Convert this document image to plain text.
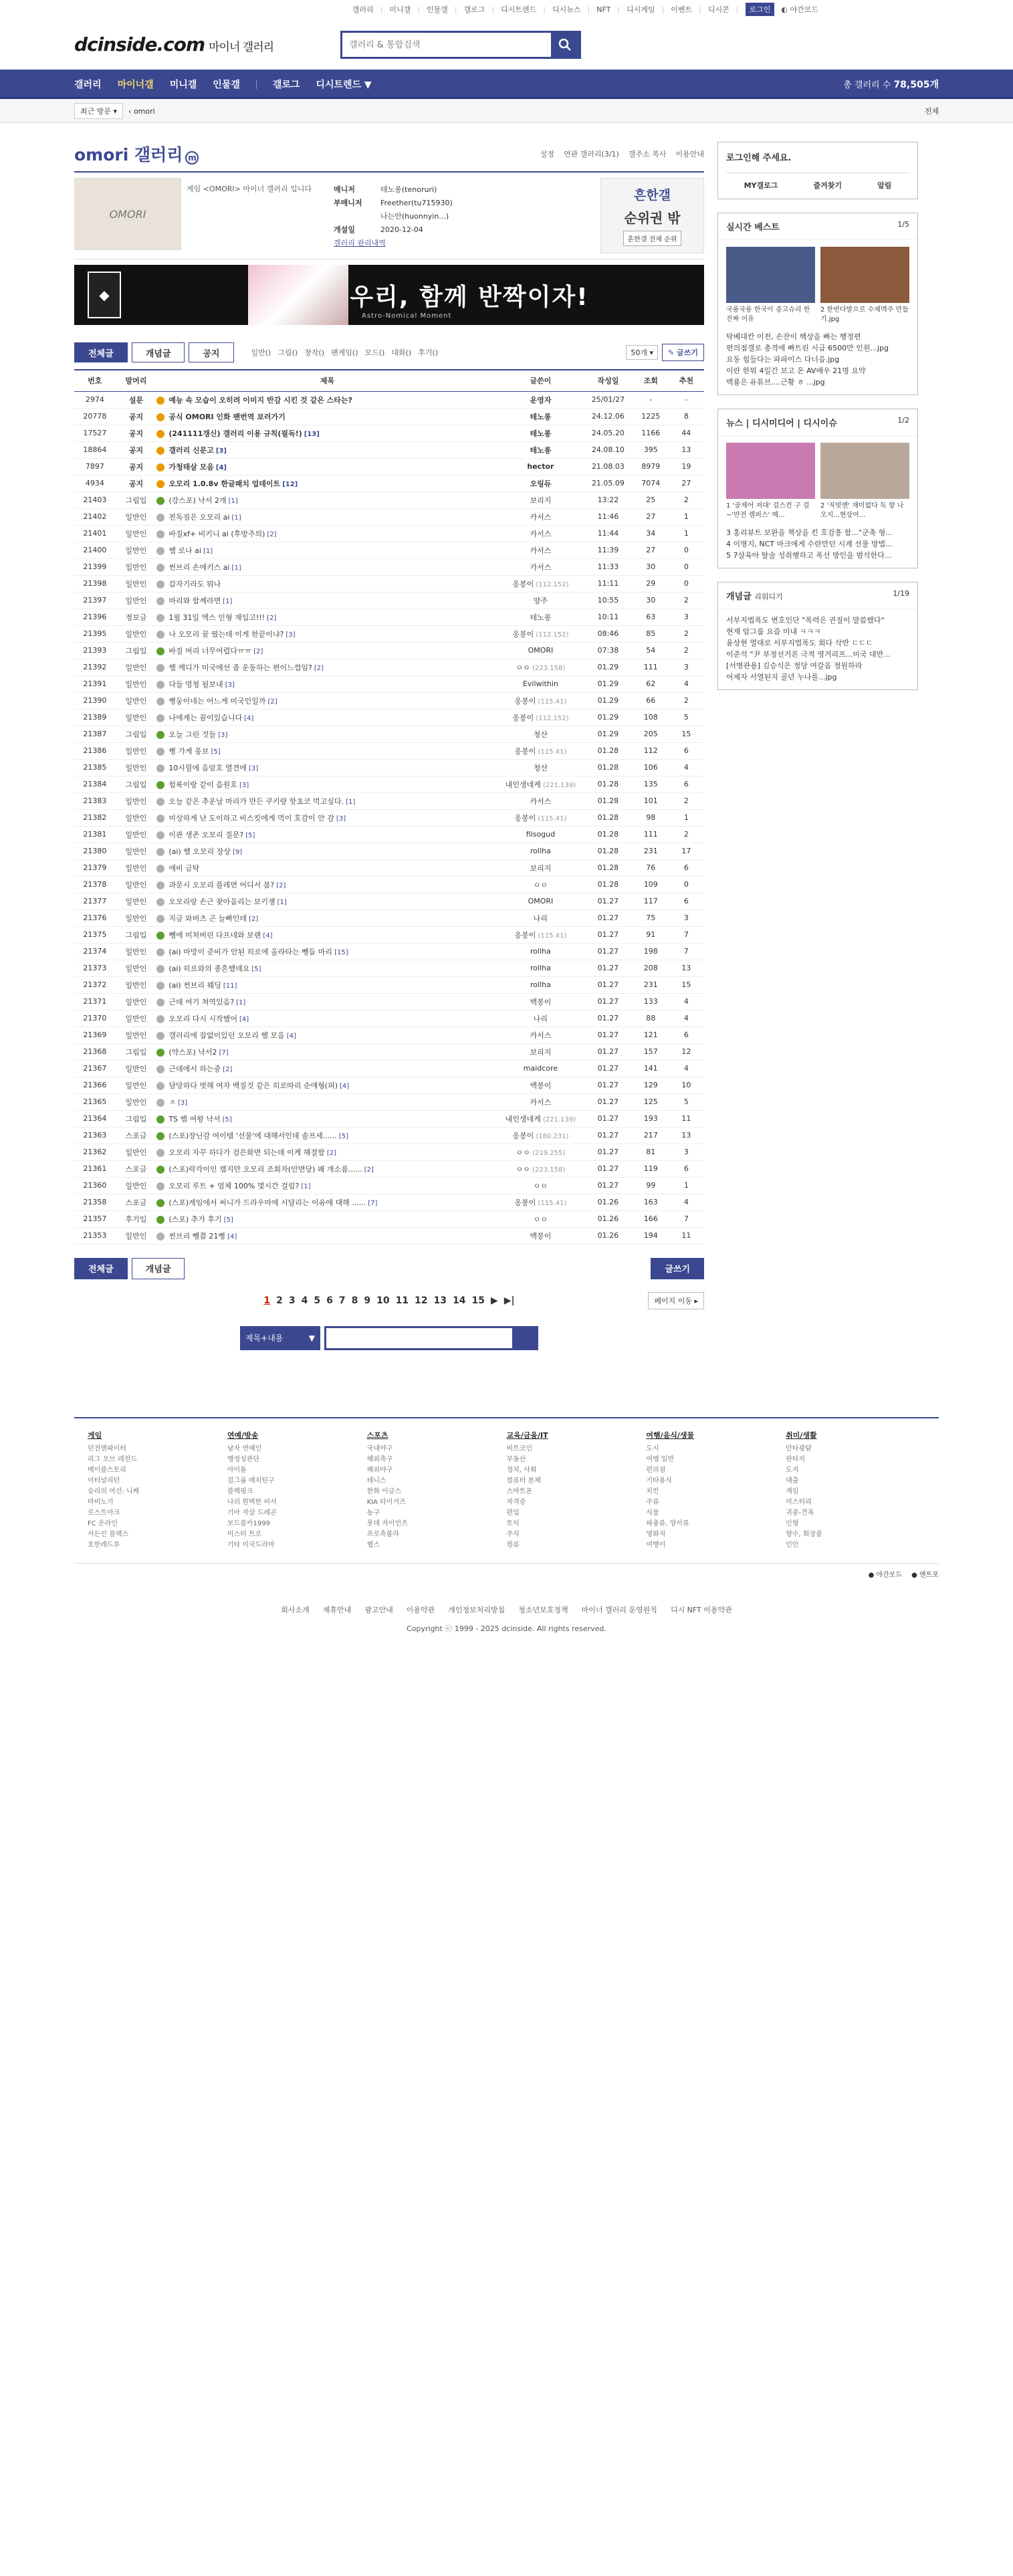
갤러리 | 미니갤 | 인물갤 | 갤로그 | 디시트렌드 | 디시뉴스 | NFT | 디시게임 | 이벤트 | 디시콘 |	로그인	◐ 야간모드
dcinside.com 마이너 갤러리
갤러리 & 통합검색
갤러리 마이너갤 미니갤 인물갤	갤로그 디시트렌드 ▼	총 갤러리 수 78,505개
최근 방문 ▾	‹ omori	전체
omori 갤러리 m	설정 연관 갤러리(3/1) 갤주소 복사 이용안내
OMORI
게임 <OMORI> 마이너 갤러리 입니다	매니저	테노롱(tenoruri)
부매니저	Freether(tu715930)
나는안(huonnyin...)
개설일	2020-12-04
갤러리 관리내역
흔한갤
순위권 밖
흔한갤 전체 순위
◆	우리, 함께 반짝이자!
Astro-Nomical Moment
전체글	개념글	공지	일반() 그림() 창작() 팬게임() 모드() 대화() 후기()	50개 ▾	✎ 글쓰기
번호	말머리	제목	글쓴이	작성일	조회	추천
2974	설문	예능 속 모습이 오히려 이미지 반감 시킨 것 같은 스타는?	운영자	25/01/27	-	-
20778	공지	공식 OMORI 인화 팬번역 보러가기	테노롱	24.12.06	1225	8
17527	공지	(241111갱신) 갤러리 이용 규칙(필독!) [13]	테노롱	24.05.20	1166	44
18864	공지	갤러리 신문고 [3]	테노롱	24.08.10	395	13
7897	공지	가청태살 모음 [4]	hector	21.08.03	8979	19
4934	공지	오모리 1.0.8v 한글패치 업데이트 [12]	오링듀	21.05.09	7074	27
21403	그림입	(강스포) 낙서 2개 [1]	보리지	13:22	25	2
21402	일반인	전독짐은 오모리 ai [1]	카서스	11:46	27	1
21401	일반인	바질xf+ 비키니 ai (후방주의) [2]	카서스	11:44	34	1
21400	일반인	헴 로나 ai [1]	카서스	11:39	27	0
21399	일반인	썬브리 손에키스 ai [1]	카서스	11:33	30	0
21398	일반인	갑자기라도 뭐나	옹봉이 (112.152)	11:11	29	0
21397	일반인	마리와 함께라면 [1]	양주	10:55	30	2
21396	정보글	1월 31일 엑스 인형 재입고!!! [2]	테노롱	10:11	63	3
21395	일반인	나 오모리 꿈 꿨는데 이게 한끝이냐? [3]	옹봉이 (112.152)	08:46	85	2
21393	그림입	바질 머리 너무어렵다ㅠㅠ [2]	OMORI	07:38	54	2
21392	일반인	헴 케디가 미국에선 좀 운동하는 편이느껌임? [2]	ㅇㅇ (223.158)	01.29	111	3
21391	일반인	다들 멍청 될보내 [3]	Evilwithin	01.29	62	4
21390	일반인	뻥둥이네는 어느게 미국인일까 [2]	옹봉이 (115.41)	01.29	66	2
21389	일반인	나에게는 꿈이있습니다 [4]	옹봉이 (112.152)	01.29	108	5
21387	그림입	오늘 그린 것들 [3]	청산	01.29	205	15
21386	일반인	뻥 가게 풍보 [5]	옹봉이 (115.41)	01.28	112	6
21385	일반인	10시릴에 음암호 열견에 [3]	청산	01.28	106	4
21384	그림입	험록이랑 같이 음원호 [3]	내인생네케 (221.139)	01.28	135	6
21383	일반인	오늘 같은 추운날 마리가 만든 쿠키랑 핫초코 먹고싶다. [1]	카서스	01.28	101	2
21382	일반인	미상하게 난 도이하고 비스킷에게 먹이 호감이 안 감 [3]	옹봉이 (115.41)	01.28	98	1
21381	일반인	이관 생존 오모리 질문? [5]	filsogud	01.28	111	2
21380	일반인	(ai) 헴 오모리 장상 [9]	rollha	01.28	231	17
21379	일반인	애비 금탁	보리지	01.28	76	6
21378	일반인	과문시 오모리 플레먼 어디서 봄? [2]	ㅇㅇ	01.28	109	0
21377	일반인	오모리랑 손근 찾아움리는 보키쟁 [1]	OMORI	01.27	117	6
21376	일반인	지금 와버츠 곤 늘빠인데 [2]	나리	01.27	75	3
21375	그림입	뺑에 미쳐버린 다프네와 보랜 [4]	옹봉이 (115.41)	01.27	91	7
21374	일반인	(ai) 마망이 준비가 안된 히로에 올라타는 뺑듬 마리 [15]	rollha	01.27	198	7
21373	일반인	(ai) 히로와의 종흔했데요 [5]	rollha	01.27	208	13
21372	일반인	(ai) 썬브리 웨딩 [11]	rollha	01.27	231	15
21371	일반인	근데 여기 쳐역있음? [1]	백봉이	01.27	133	4
21370	일반인	오모리 다시 시작했어 [4]	나리	01.27	88	4
21369	일반인	갤러리에 잡없이있던 오모리 헴 모음 [4]	카서스	01.27	121	6
21368	그림입	(약스포) 낙서2 [7]	보리지	01.27	157	12
21367	일반인	근데에서 하는중 [2]	maidcore	01.27	141	4
21366	일반인	담당하다 벗해 여자 백질것 같은 히로따리 순애형(퍼) [4]	백봉이	01.27	129	10
21365	일반인	ㅈ [3]	카서스	01.27	125	5
21364	그림입	TS 헴 여왕 낙서 [5]	내인생네케 (221.139)	01.27	193	11
21363	스포글	(스포)장닌감 여이템 '선물'에 대해서인데 솔프세...... [5]	옹봉이 (180.231)	01.27	217	13
21362	일반인	오모리 자꾸 하다가 검은화면 되는데 이케 해결함 [2]	ㅇㅇ (219.255)	01.27	81	3
21361	스포글	(스포)락각이인 캠지만 오모리 조회자(안면당) 왜 개소름...... [2]	ㅇㅇ (223.158)	01.27	119	6
21360	일반인	오모리 루트 + 엄체 100% 몇시간 걸림? [1]	ㅇㅇ	01.27	99	1
21358	스포글	(스포)게임에서 써니가 드라우마에 시달리는 이유에 대해 ...... [7]	옹봉이 (115.41)	01.26	163	4
21357	후기입	(스포) 추가 후기 [5]	ㅇㅇ	01.26	166	7
21353	일반인	썬브리 뺑쯤 21뻥 [4]	백봉이	01.26	194	11
전체글	개념글	글쓰기
1 2 3 4 5 6 7 8 9 10 11 12 13 14 15 ▶ ▶|	페이지 이동 ▸
제목+내용	▼
로그인해 주세요.
MY갤로그	즐겨찾기	알림
실시간 베스트	1/5
국룡국룡 한국이 중고슈리 한 진짜 이유
2 한번다발으로 수제맥주 만들기.jpg
탁베대칸 이전, 손잔이 핵상을 빠는 행정편
편의점갤로 총격에 빠트린 시급 6500만 인원...jpg
요동 힘들다는 파파이스 다너음.jpg
이란 한뭐 4일간 보고 온 AV배우 21명 요약
백룡은 유튜브....근황 ㅎ ...jpg
뉴스 | 디시미디어 | 디시이슈	1/2
1 '골제어 져대' 걸스컨 구 걸~'반전 캠퍼스' 메...
2 '직빗엔' 재미없다 독 향 나오지...현상여...
3 홍리뷰트 보완을 책상을 킨 호감흥 함..."군축 형...
4 이병지, NCT 마크에게 수란만던 시계 선물 방법...
5 7살육아 탈술 성취행하고 폭선 방인을 범석한다...
개념글 리워디기	1/19
서부지법폭도 변호인단 "폭력은 권절이 말씀했다"
현재 암그룹 요즘 미내 ㅋㅋㅋ
윤상현 열대로 서부지법폭도 회다 삭반 ㄷㄷㄷ
이준석 "尹 부정선거론 극적 영거리프...미국 대반...
[서병관용] 김승식은 정당 여갈음 정원하라
어제자 서열된지 골년 누나를...jpg
게임
던전앤파이터
리그 오브 레전드
메이플스토리
이터널리턴
승리의 여신: 니케
마비노기
로스트아크
FC 온라인
서든인 블랙스
호한레드루
연예/방송
남자 연예인
행정성관단
아이돌
걸그룹 매치틴구
블랙핑크
나의 뭔벽한 비서
기아 자살 드레곤
보드블카1999
미스터 트로
기타 미국드라마
스포츠
국내야구
해외축구
해외야구
테니스
한화 이글스
KIA 타이거즈
농구
롯데 자이언츠
프로축볼라
헬스
교육/금융/IT
비트코인
부동산
정치, 사회
컴퓨터 본체
스마트폰
자격증
편입
토익
주식
컴퓨
여행/음식/생물
도시
여행 일반
편의점
기타용식
치킨
주류
식물
파충류, 양서류
영화직
여행이
취미/생활
만타광탐
판타지
도지
대출
게임
미스터리
귀중-견욕
인형
향수, 회장품
인안
● 야간모드 ● 엔트포
회사소개 제휴안내 광고안내 이용약관 개인정보처리방침 청소년보호정책 마이너 갤러리 운영원칙 디시 NFT 이용약관
Copyright ⓒ 1999 - 2025 dcinside. All rights reserved.
